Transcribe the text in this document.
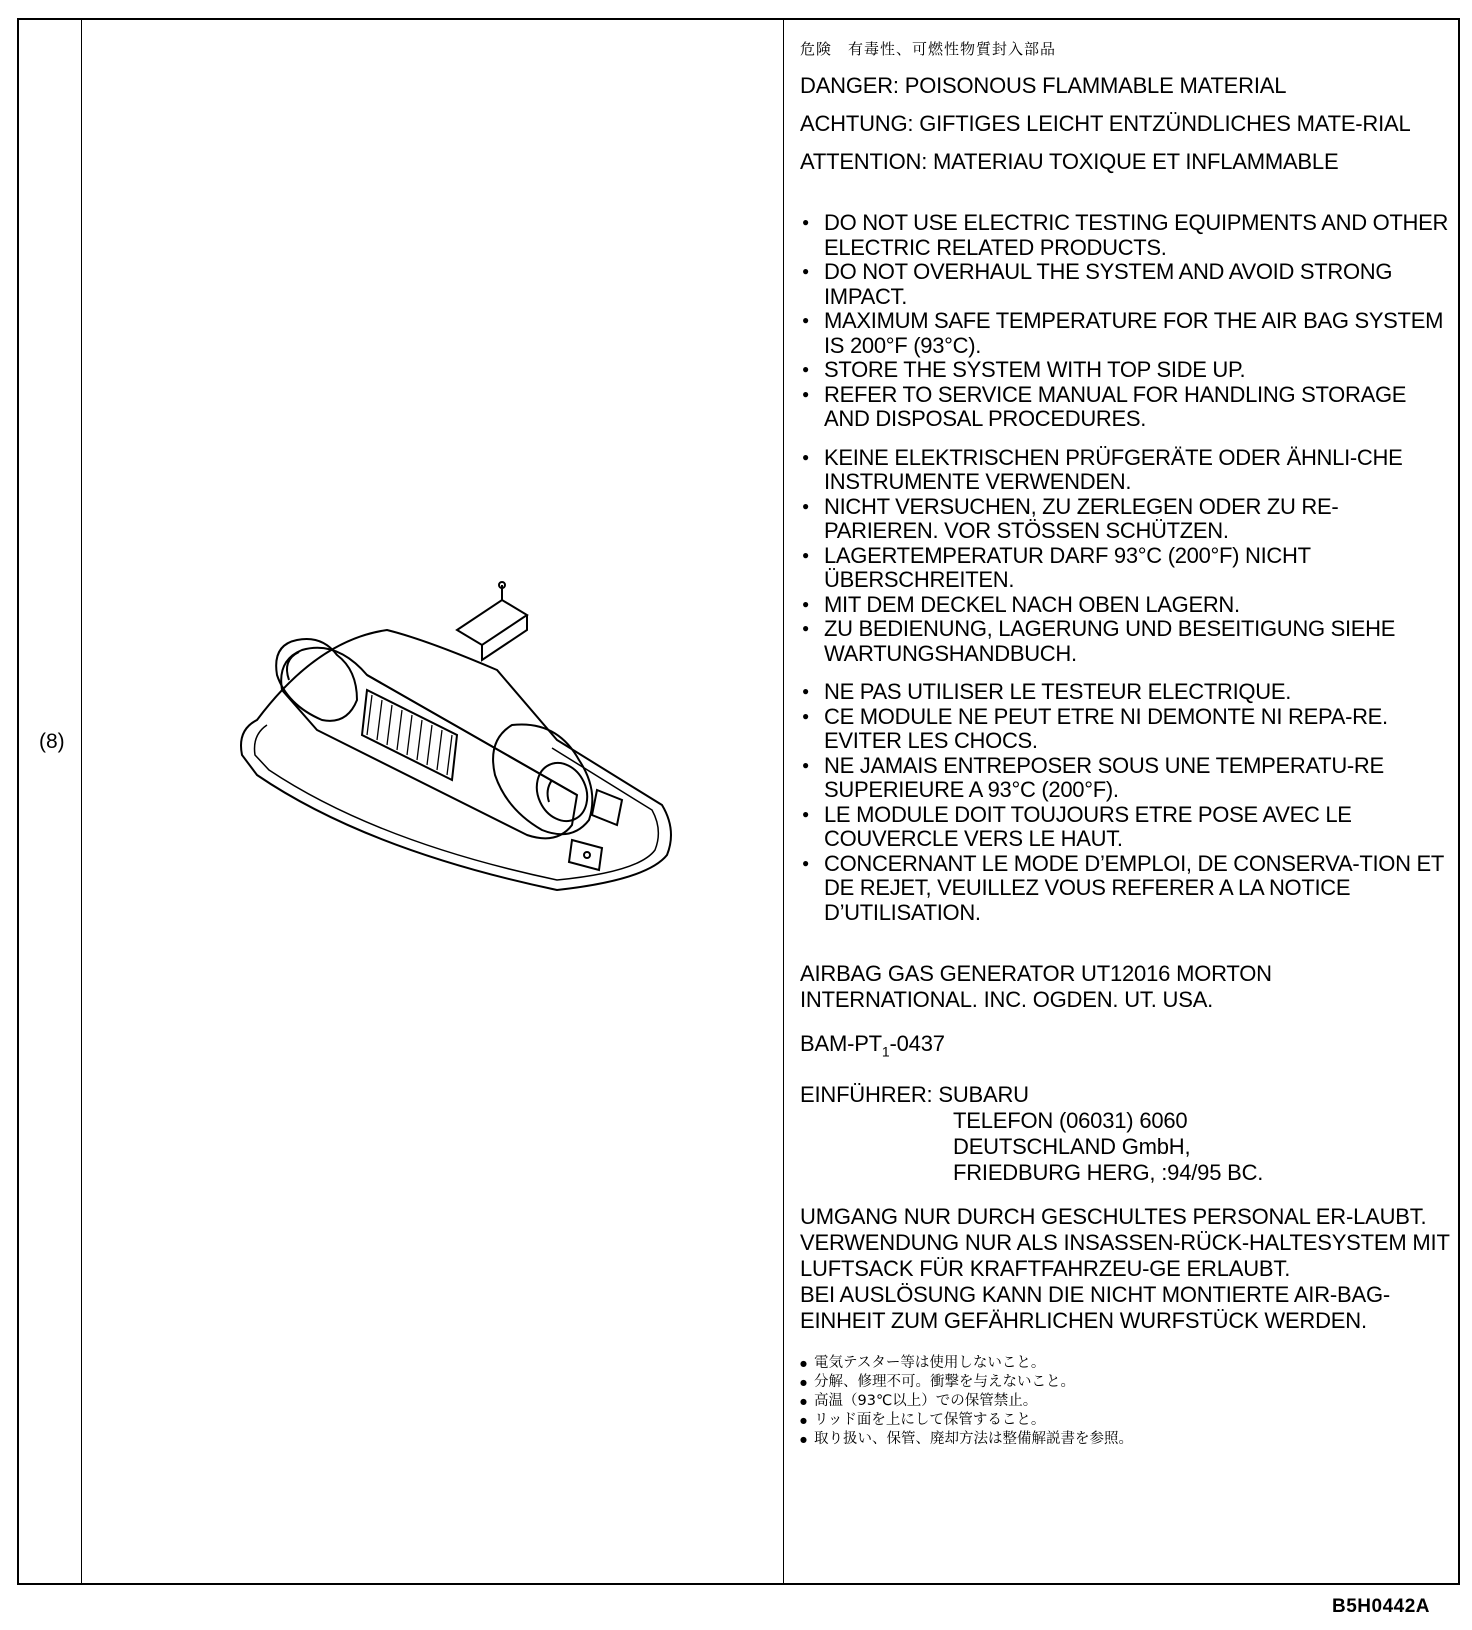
(8)
危険　有毒性、可燃性物質封入部品
DANGER: POISONOUS FLAMMABLE MATERIAL
ACHTUNG: GIFTIGES LEICHT ENTZÜNDLICHES MATE-RIAL
ATTENTION: MATERIAU TOXIQUE ET INFLAMMABLE
● DO NOT USE ELECTRIC TESTING EQUIPMENTS AND OTHER ELECTRIC RELATED PRODUCTS.
● DO NOT OVERHAUL THE SYSTEM AND AVOID STRONG IMPACT.
● MAXIMUM SAFE TEMPERATURE FOR THE AIR BAG SYSTEM IS 200°F (93°C).
● STORE THE SYSTEM WITH TOP SIDE UP.
● REFER TO SERVICE MANUAL FOR HANDLING STORAGE AND DISPOSAL PROCEDURES.
● KEINE ELEKTRISCHEN PRÜFGERÄTE ODER ÄHNLI-CHE INSTRUMENTE VERWENDEN.
● NICHT VERSUCHEN, ZU ZERLEGEN ODER ZU RE-PARIEREN. VOR STÖSSEN SCHÜTZEN.
● LAGERTEMPERATUR DARF 93°C (200°F) NICHT ÜBERSCHREITEN.
● MIT DEM DECKEL NACH OBEN LAGERN.
● ZU BEDIENUNG, LAGERUNG UND BESEITIGUNG SIEHE WARTUNGSHANDBUCH.
● NE PAS UTILISER LE TESTEUR ELECTRIQUE.
● CE MODULE NE PEUT ETRE NI DEMONTE NI REPA-RE. EVITER LES CHOCS.
● NE JAMAIS ENTREPOSER SOUS UNE TEMPERATU-RE SUPERIEURE A 93°C (200°F).
● LE MODULE DOIT TOUJOURS ETRE POSE AVEC LE COUVERCLE VERS LE HAUT.
● CONCERNANT LE MODE D’EMPLOI, DE CONSERVA-TION ET DE REJET, VEUILLEZ VOUS REFERER A LA NOTICE D’UTILISATION.
AIRBAG GAS GENERATOR UT12016 MORTON INTERNATIONAL. INC. OGDEN. UT. USA.
BAM-$PT_1-0437$
EINFÜHRER:
SUBARU
TELEFON (06031) 6060
DEUTSCHLAND GmbH,
FRIEDBURG HERG, :94/95 BC.
UMGANG NUR DURCH GESCHULTES PERSONAL ER-LAUBT. VERWENDUNG NUR ALS INSASSEN-RÜCK-HALTESYSTEM MIT LUFTSACK FÜR KRAFTFAHRZEU-GE ERLAUBT.
BEI AUSLÖSUNG KANN DIE NICHT MONTIERTE AIR-BAG-EINHEIT ZUM GEFÄHRLICHEN WURFSTÜCK WERDEN.
● 電気テスター等は使用しないこと。
● 分解、修理不可。衝撃を与えないこと。
● 高温（93℃以上）での保管禁止。
● リッド面を上にして保管すること。
● 取り扱い、保管、廃却方法は整備解説書を参照。
B5H0442A
